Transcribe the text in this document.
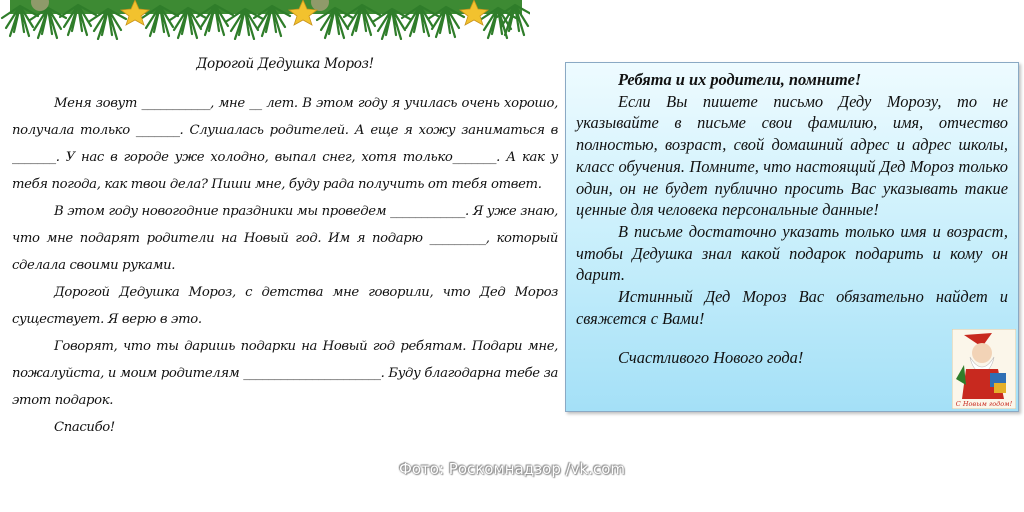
Дорогой Дедушка Мороз!

Меня зовут ___________, мне __ лет. В этом году я училась очень хорошо, получала только _______. Слушалась родителей. А еще я хожу заниматься в _______. У нас в городе уже холодно, выпал снег, хотя только_______. А как у тебя погода, как твои дела? Пиши мне, буду рада получить от тебя ответ.

В этом году новогодние праздники мы проведем ____________. Я уже знаю, что мне подарят родители на Новый год. Им я подарю _________, который сделала своими руками.

Дорогой Дедушка Мороз, с детства мне говорили, что Дед Мороз существует. Я верю в это.

Говорят, что ты даришь подарки на Новый год ребятам. Подари мне, пожалуйста, и моим родителям ______________________. Буду благодарна тебе за этот подарок.

Спасибо!

Ребята и их родители, помните!

Если Вы пишете письмо Деду Морозу, то не указывайте в письме свои фамилию, имя, отчество полностью, возраст, свой домашний адрес и адрес школы, класс обучения. Помните, что настоящий Дед Мороз только один, он не будет публично просить Вас указывать такие ценные для человека персональные данные!

В письме достаточно указать только имя и возраст, чтобы Дедушка знал какой подарок подарить и кому он дарит.

Истинный Дед Мороз Вас обязательно найдет и свяжется с Вами!

Счастливого Нового года!

С Новым годом!
Фото: Роскомнадзор /vk.com
